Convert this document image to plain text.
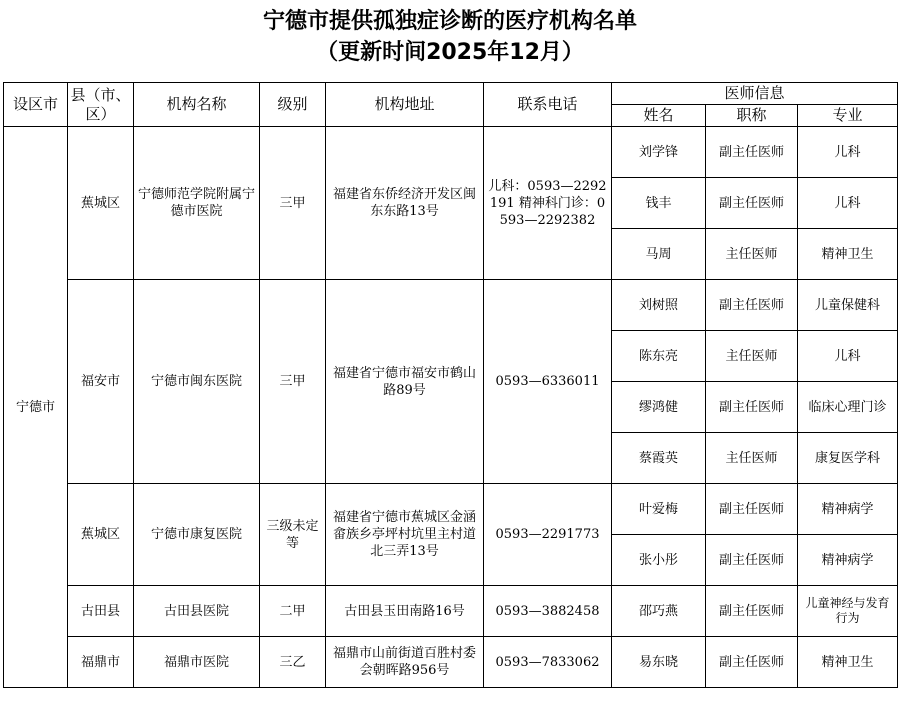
宁德市提供孤独症诊断的医疗机构名单
（更新时间2025年12月）
设区市	县（市、区）	机构名称	级别	机构地址	联系电话	医师信息		
						姓名	职称	专业
宁德市	蕉城区	宁德师范学院附属宁德市医院	三甲	福建省东侨经济开发区闽东东路13号	儿科：0593—2292191 精神科门诊：0593—2292382	刘学锋	副主任医师	儿科
						钱丰	副主任医师	儿科
						马周	主任医师	精神卫生
	福安市	宁德市闽东医院	三甲	福建省宁德市福安市鹤山路89号	0593—6336011	刘树照	副主任医师	儿童保健科
						陈东亮	主任医师	儿科
						缪鸿健	副主任医师	临床心理门诊
						蔡霞英	主任医师	康复医学科
	蕉城区	宁德市康复医院	三级未定等	福建省宁德市蕉城区金涵畲族乡亭坪村坑里主村道北三弄13号	0593—2291773	叶爱梅	副主任医师	精神病学
						张小彤	副主任医师	精神病学
	古田县	古田县医院	二甲	古田县玉田南路16号	0593—3882458	邵巧燕	副主任医师	儿童神经与发育行为
	福鼎市	福鼎市医院	三乙	福鼎市山前街道百胜村委会朝晖路956号	0593—7833062	易东晓	副主任医师	精神卫生
